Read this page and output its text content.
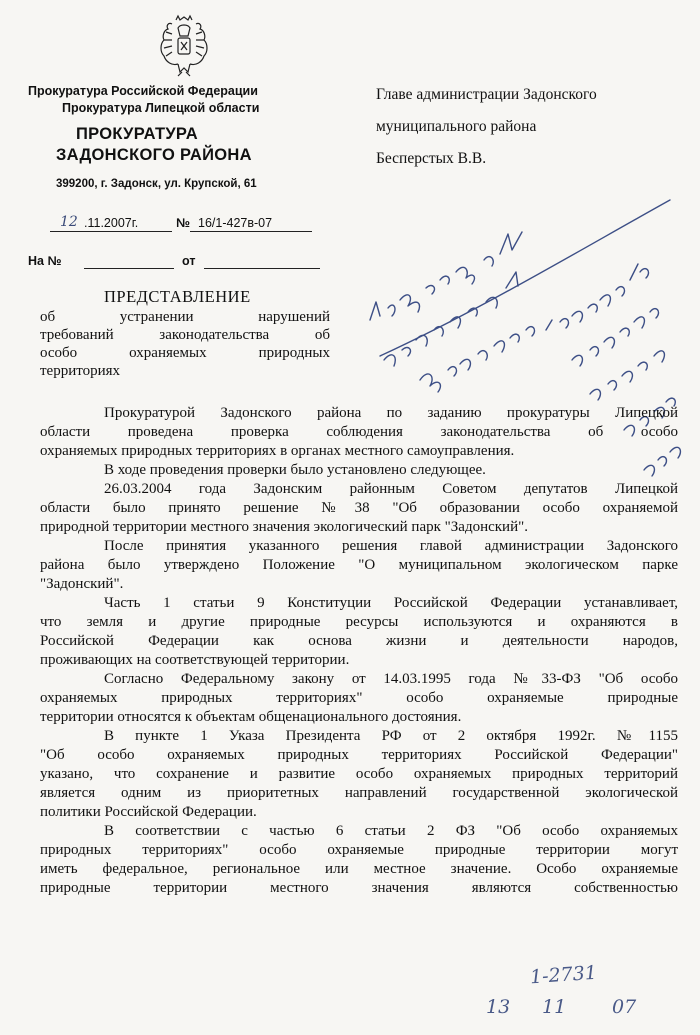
Прокуратура Российской Федерации
Прокуратура Липецкой области
ПРОКУРАТУРА
ЗАДОНСКОГО РАЙОНА
399200, г. Задонск, ул. Крупской, 61
12 .11.2007г.	№ 16/1-427в-07
На №	от
Главе администрации Задонского
муниципального района
Бесперстых В.В.
ПРЕДСТАВЛЕНИЕ
об устранении нарушений
требований законодательства об
особо охраняемых природных
территориях
Прокуратурой Задонского района по заданию прокуратуры Липецкой
области проведена проверка соблюдения законодательства об особо
охраняемых природных территориях в органах местного самоуправления.
В ходе проведения проверки было установлено следующее.
26.03.2004 года Задонским районным Советом депутатов Липецкой
области было принято решение №38 "Об образовании особо охраняемой
природной территории местного значения экологический парк "Задонский".
После принятия указанного решения главой администрации Задонского
района было утверждено Положение "О муниципальном экологическом парке
"Задонский".
Часть 1 статьи 9 Конституции Российской Федерации устанавливает,
что земля и другие природные ресурсы используются и охраняются в
Российской Федерации как основа жизни и деятельности народов,
проживающих на соответствующей территории.
Согласно Федеральному закону от 14.03.1995 года №33-ФЗ "Об особо
охраняемых природных территориях" особо охраняемые природные
территории относятся к объектам общенационального достояния.
В пункте 1 Указа Президента РФ от 2 октября 1992г. №1155
"Об особо охраняемых природных территориях Российской Федерации"
указано, что сохранение и развитие особо охраняемых природных территорий
является одним из приоритетных направлений государственной экологической
политики Российской Федерации.
В соответствии с частью 6 статьи 2 ФЗ "Об особо охраняемых
природных территориях" особо охраняемые природные территории могут
иметь федеральное, региональное или местное значение. Особо охраняемые
природные территории местного значения являются собственностью
1-2731
13 11 07
